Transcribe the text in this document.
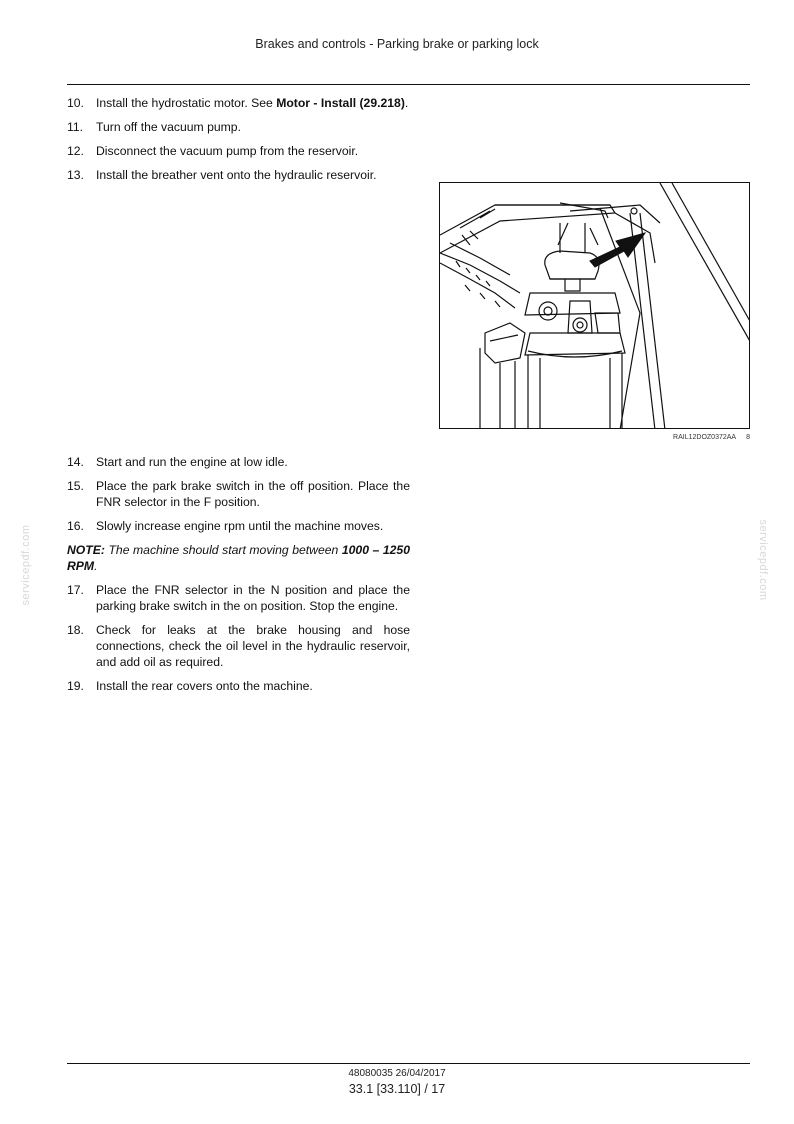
Brakes and controls - Parking brake or parking lock
10. Install the hydrostatic motor. See Motor - Install (29.218).
11.	Turn off the vacuum pump.
12. Disconnect the vacuum pump from the reservoir.
13. Install the breather vent onto the hydraulic reservoir.
RAIL12DOZ0372AA 8
14. Start and run the engine at low idle.
15. Place the park brake switch in the off position. Place the FNR selector in the F position.
16. Slowly increase engine rpm until the machine moves.
NOTE: The machine should start moving between 1000 – 1250 RPM.
17. Place the FNR selector in the N position and place the parking brake switch in the on position. Stop the engine.
18. Check for leaks at the brake housing and hose connections, check the oil level in the hydraulic reservoir, and add oil as required.
19. Install the rear covers onto the machine.
servicepdf.com	servicepdf.com
48080035 26/04/2017
33.1 [33.110] / 17
